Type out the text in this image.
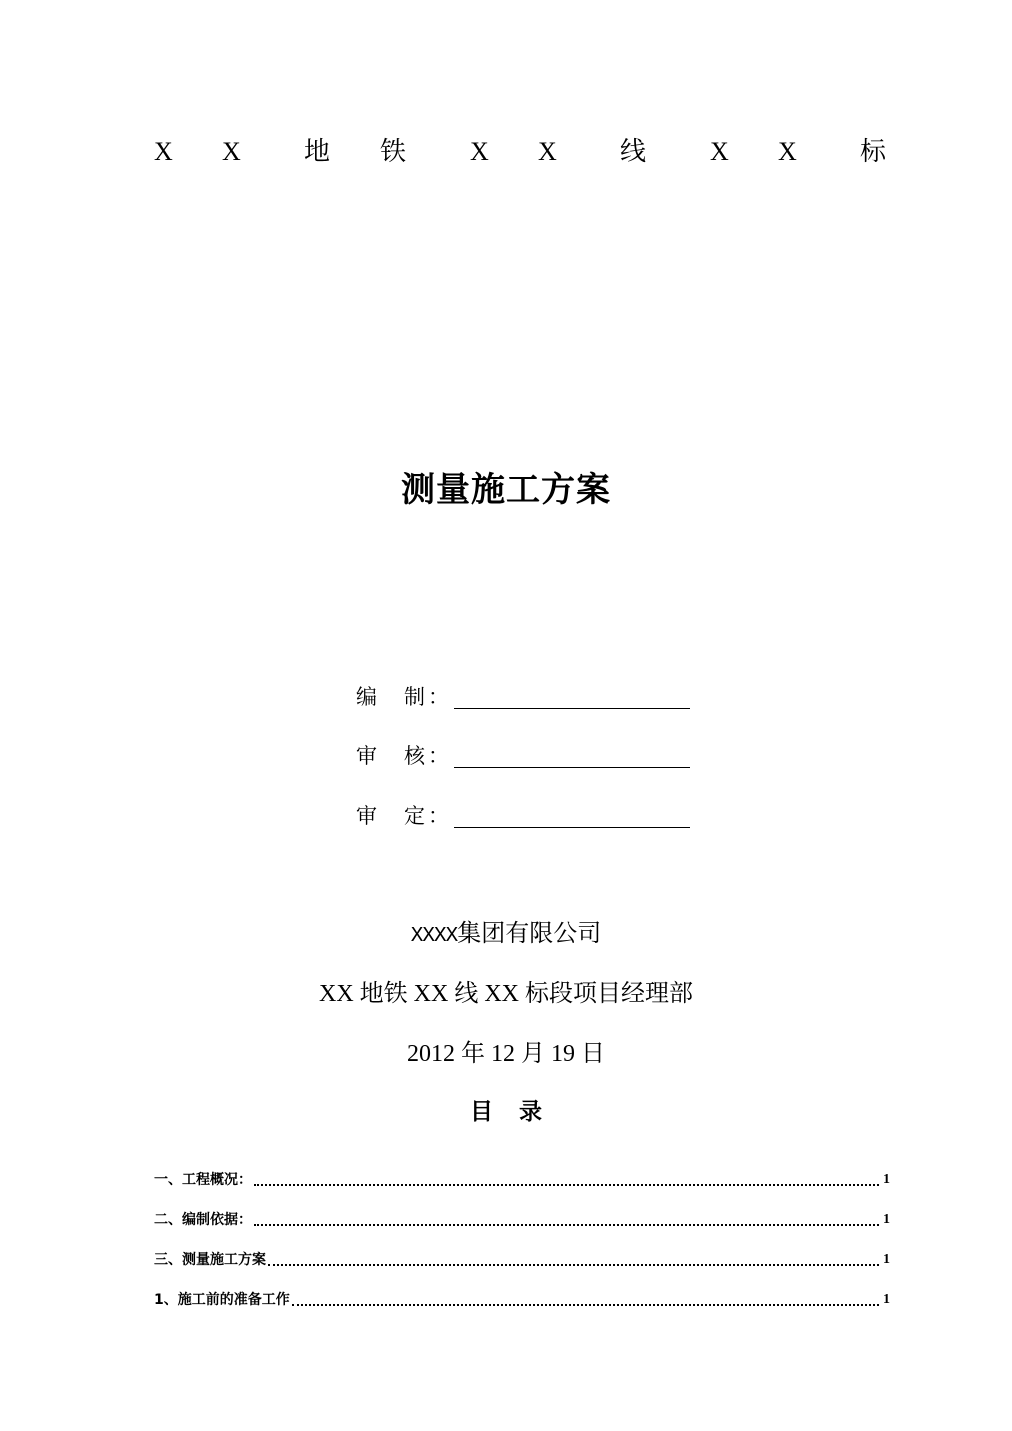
X X 地 铁 X X 线 X X 标
测量施工方案
编 制 ：
审 核 ：
审 定 ：
XXXX集团有限公司
XX 地铁 XX 线 XX 标段项目经理部
2012 年 12 月 19 日
目 录
一、工程概况：	1
二、编制依据：	1
三、测量施工方案	1
1、施工前的准备工作	1
